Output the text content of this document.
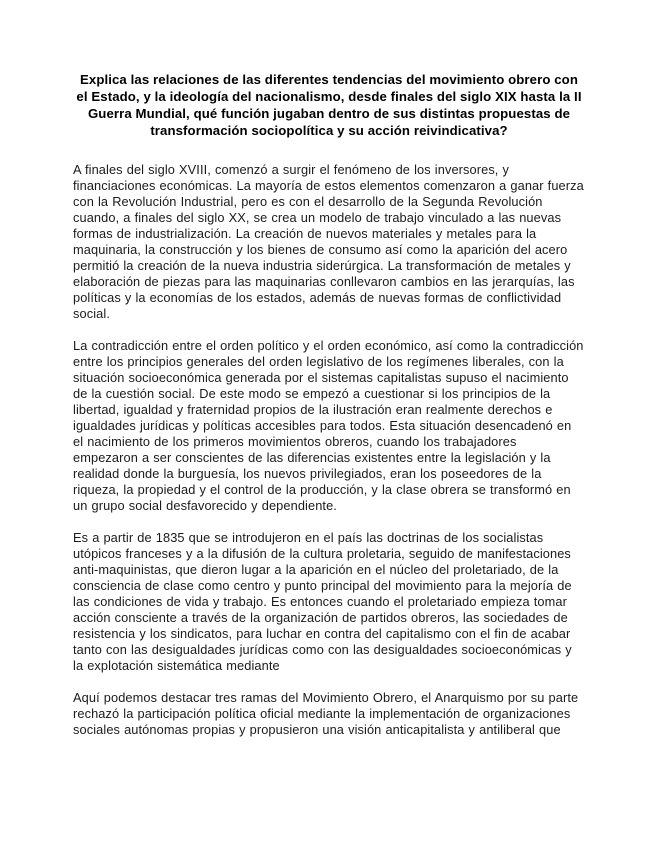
Explica las relaciones de las diferentes tendencias del movimiento obrero con el Estado, y la ideología del nacionalismo, desde finales del siglo XIX hasta la II Guerra Mundial, qué función jugaban dentro de sus distintas propuestas de transformación sociopolítica y su acción reivindicativa?

A finales del siglo XVIII, comenzó a surgir el fenómeno de los inversores, y financiaciones económicas. La mayoría de estos elementos comenzaron a ganar fuerza con la Revolución Industrial, pero es con el desarrollo de la Segunda Revolución cuando, a finales del siglo XX, se crea un modelo de trabajo vinculado a las nuevas formas de industrialización. La creación de nuevos materiales y metales para la maquinaria, la construcción y los bienes de consumo así como la aparición del acero permitió la creación de la nueva industria siderúrgica. La transformación de metales y elaboración de piezas para las maquinarias conllevaron cambios en las jerarquías, las políticas y la economías de los estados, además de nuevas formas de conflictividad social.

La contradicción entre el orden político y el orden económico, así como la contradicción entre los principios generales del orden legislativo de los regímenes liberales, con la situación socioeconómica generada por el sistemas capitalistas supuso el nacimiento de la cuestión social. De este modo se empezó a cuestionar si los principios de la libertad, igualdad y fraternidad propios de la ilustración eran realmente derechos e igualdades jurídicas y políticas accesibles para todos. Esta situación desencadenó en el nacimiento de los primeros movimientos obreros, cuando los trabajadores empezaron a ser conscientes de las diferencias existentes entre la legislación y la realidad donde la burguesía, los nuevos privilegiados, eran los poseedores de la riqueza, la propiedad y el control de la producción, y la clase obrera se transformó en un grupo social desfavorecido y dependiente.

Es a partir de 1835 que se introdujeron en el país las doctrinas de los socialistas utópicos franceses y a la difusión de la cultura proletaria, seguido de manifestaciones anti-maquinistas, que dieron lugar a la aparición en el núcleo del proletariado, de la consciencia de clase como centro y punto principal del movimiento para la mejoría de las condiciones de vida y trabajo. Es entonces cuando el proletariado empieza tomar acción consciente a través de la organización de partidos obreros, las sociedades de resistencia y los sindicatos, para luchar en contra del capitalismo con el fin de acabar tanto con las desigualdades jurídicas como con las desigualdades socioeconómicas y la explotación sistemática mediante

Aquí podemos destacar tres ramas del Movimiento Obrero, el Anarquismo por su parte rechazó la participación política oficial mediante la implementación de organizaciones sociales autónomas propias y propusieron una visión anticapitalista y antiliberal que
